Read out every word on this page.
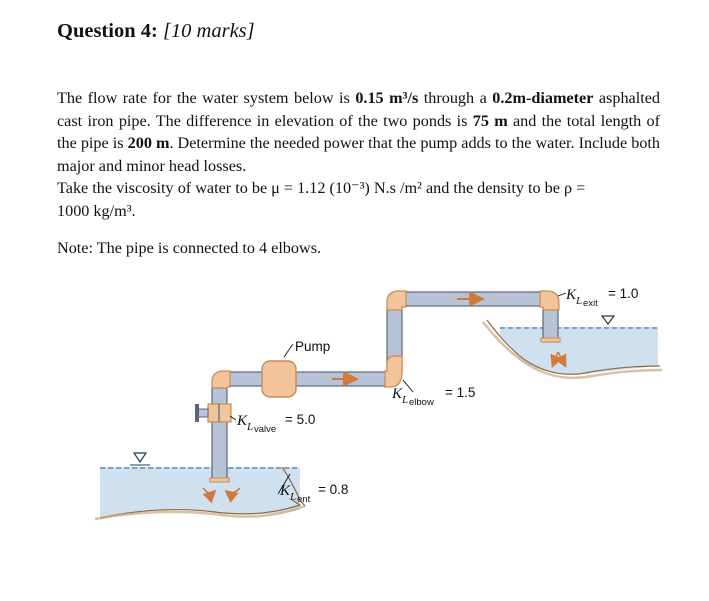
Question 4: [10 marks]
The flow rate for the water system below is 0.15 m³/s through a 0.2m-diameter asphalted cast iron pipe. The difference in elevation of the two ponds is 75 m and the total length of the pipe is 200 m. Determine the needed power that the pump adds to the water. Include both major and minor head losses.
Take the viscosity of water to be μ = 1.12 (10⁻³) N.s /m² and the density to be ρ =
1000 kg/m³.
Note: The pipe is connected to 4 elbows.
Pump
K L valve
= 5.0
K L ent
= 0.8
K L elbow
= 1.5
K L exit
= 1.0
